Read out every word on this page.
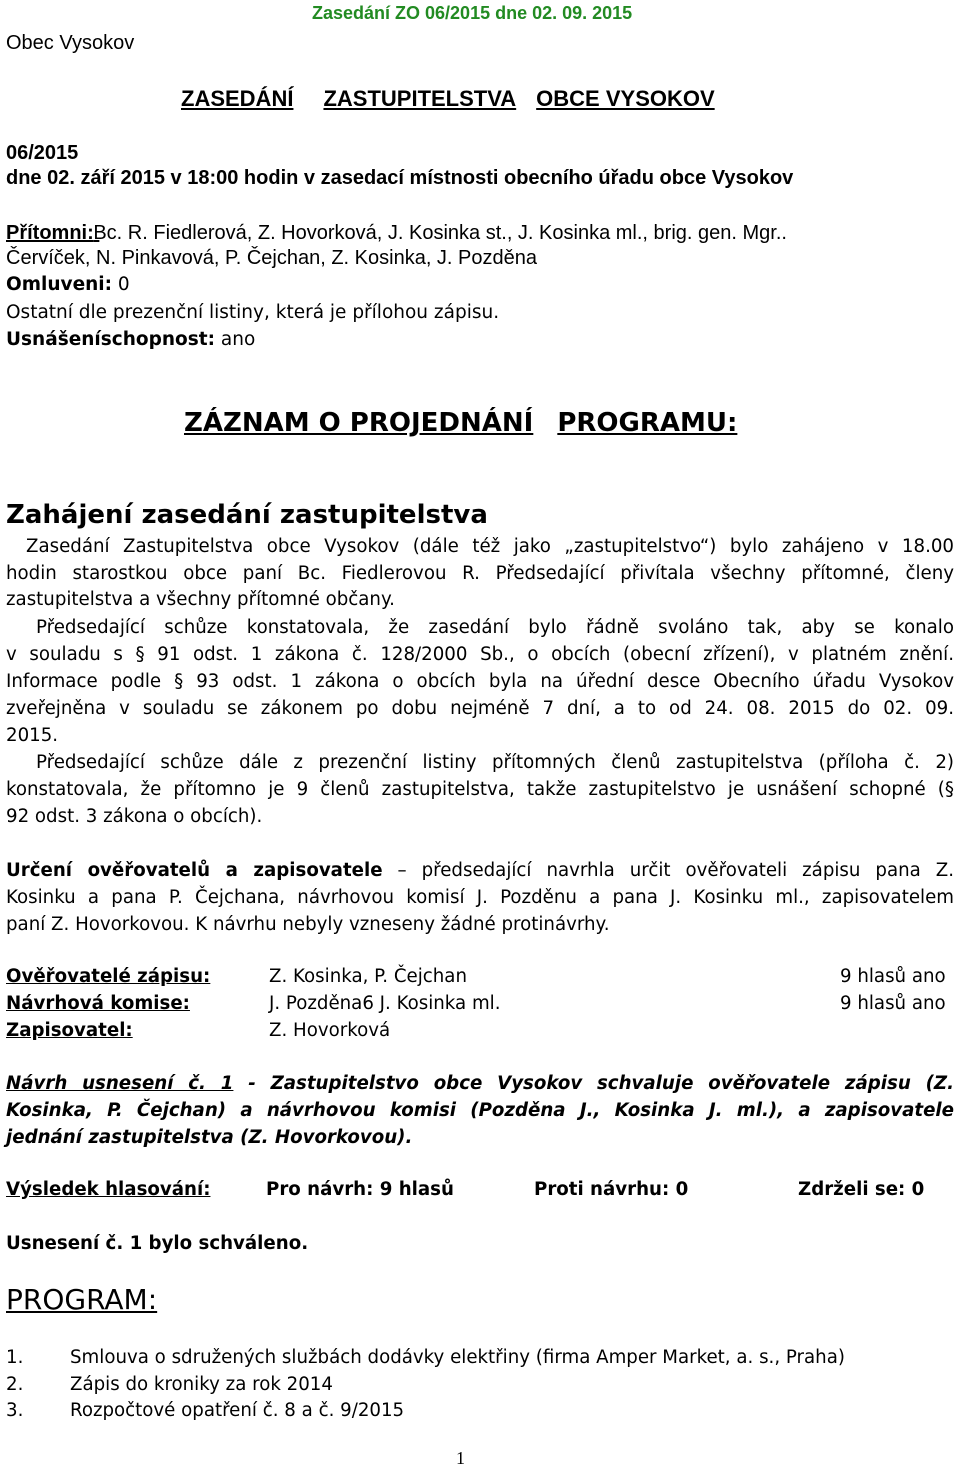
Obec Vysokov
Zasedání ZO 06/2015 dne 02. 09. 2015
ZASEDÁNÍ ZASTUPITELSTVA OBCE VYSOKOV
06/2015
dne 02. září 2015 v 18:00 hodin v zasedací místnosti obecního úřadu obce Vysokov
Přítomni: Bc. R. Fiedlerová, Z. Hovorková, J. Kosinka st., J. Kosinka ml., brig. gen. Mgr..
Červíček, N. Pinkavová, P. Čejchan, Z. Kosinka, J. Pozděna
Omluveni: 0
Ostatní dle prezenční listiny, která je přílohou zápisu.
Usnášeníschopnost: ano
ZÁZNAM O PROJEDNÁNÍ PROGRAMU:
Zahájení zasedání zastupitelstva
Zasedání Zastupitelstva obce Vysokov (dále též jako „zastupitelstvo“) bylo zahájeno v 18.00
hodin starostkou obce paní Bc. Fiedlerovou R. Předsedající přivítala všechny přítomné, členy
zastupitelstva a všechny přítomné občany.
Předsedající schůze konstatovala, že zasedání bylo řádně svoláno tak, aby se konalo
v souladu s § 91 odst. 1 zákona č. 128/2000 Sb., o obcích (obecní zřízení), v platném znění.
Informace podle § 93 odst. 1 zákona o obcích byla na úřední desce Obecního úřadu Vysokov
zveřejněna v souladu se zákonem po dobu nejméně 7 dní, a to od 24. 08. 2015 do 02. 09.
2015.
Předsedající schůze dále z prezenční listiny přítomných členů zastupitelstva (příloha č. 2)
konstatovala, že přítomno je 9 členů zastupitelstva, takže zastupitelstvo je usnášení schopné (§
92 odst. 3 zákona o obcích).
Určení ověřovatelů a zapisovatele – předsedající navrhla určit ověřovateli zápisu pana Z.
Kosinku a pana P. Čejchana, návrhovou komisí J. Pozděnu a pana J. Kosinku ml., zapisovatelem
paní Z. Hovorkovou. K návrhu nebyly vzneseny žádné protinávrhy.
Ověřovatelé zápisu:	Z. Kosinka, P. Čejchan	9 hlasů ano
Návrhová komise:	J. Pozděna6 J. Kosinka ml.	9 hlasů ano
Zapisovatel:	Z. Hovorková
Návrh usnesení č. 1 - Zastupitelstvo obce Vysokov schvaluje ověřovatele zápisu (Z.
Kosinka, P. Čejchan) a návrhovou komisi (Pozděna J., Kosinka J. ml.), a zapisovatele
jednání zastupitelstva (Z. Hovorkovou).
Výsledek hlasování:	Pro návrh: 9 hlasů	Proti návrhu: 0	Zdrželi se: 0
Usnesení č. 1 bylo schváleno.
PROGRAM:
1.	Smlouva o sdružených službách dodávky elektřiny (firma Amper Market, a. s., Praha)
2.	Zápis do kroniky za rok 2014
3.	Rozpočtové opatření č. 8 a č. 9/2015
1
